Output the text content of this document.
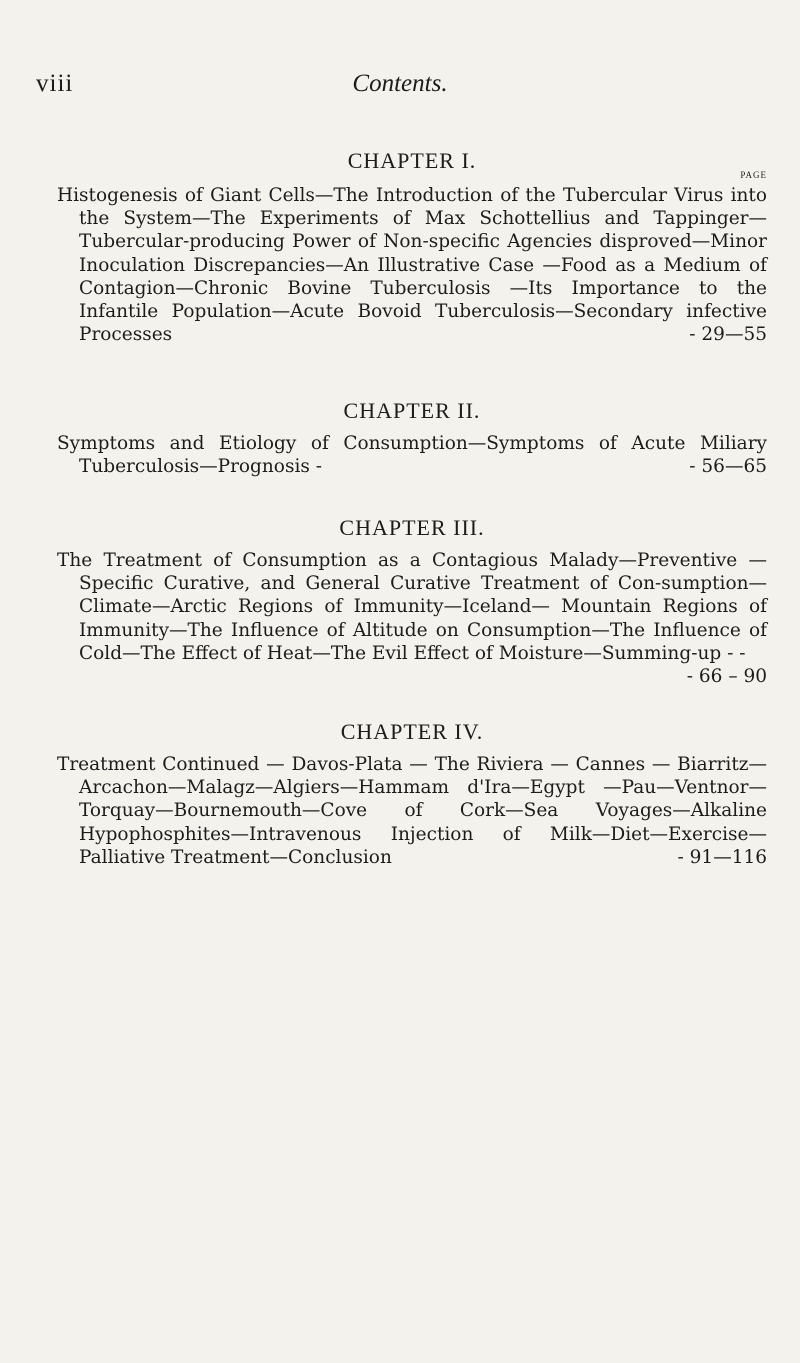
viii	Contents.
CHAPTER I.
PAGE
Histogenesis of Giant Cells—The Introduction of the Tubercular Virus into the System—The Experiments of Max Schottellius and Tappinger—Tubercular-producing Power of Non-specific Agencies disproved—Minor Inoculation Discrepancies—An Illustrative Case —Food as a Medium of Contagion—Chronic Bovine Tuberculosis —Its Importance to the Infantile Population—Acute Bovoid Tuberculosis—Secondary infective Processes	- 29—55
CHAPTER II.
Symptoms and Etiology of Consumption—Symptoms of Acute Miliary Tuberculosis—Prognosis -	- 56—65
CHAPTER III.
The Treatment of Consumption as a Contagious Malady—Preventive —Specific Curative, and General Curative Treatment of Con-sumption—Climate—Arctic Regions of Immunity—Iceland— Mountain Regions of Immunity—The Influence of Altitude on Consumption—The Influence of Cold—The Effect of Heat—The Evil Effect of Moisture—Summing-up - -
- 66 – 90
CHAPTER IV.
Treatment Continued — Davos-Plata — The Riviera — Cannes — Biarritz—Arcachon—Malagz—Algiers—Hammam d'Ira—Egypt —Pau—Ventnor—Torquay—Bournemouth—Cove of Cork—Sea Voyages—Alkaline Hypophosphites—Intravenous Injection of Milk—Diet—Exercise—Palliative Treatment—Conclusion	- 91—116
